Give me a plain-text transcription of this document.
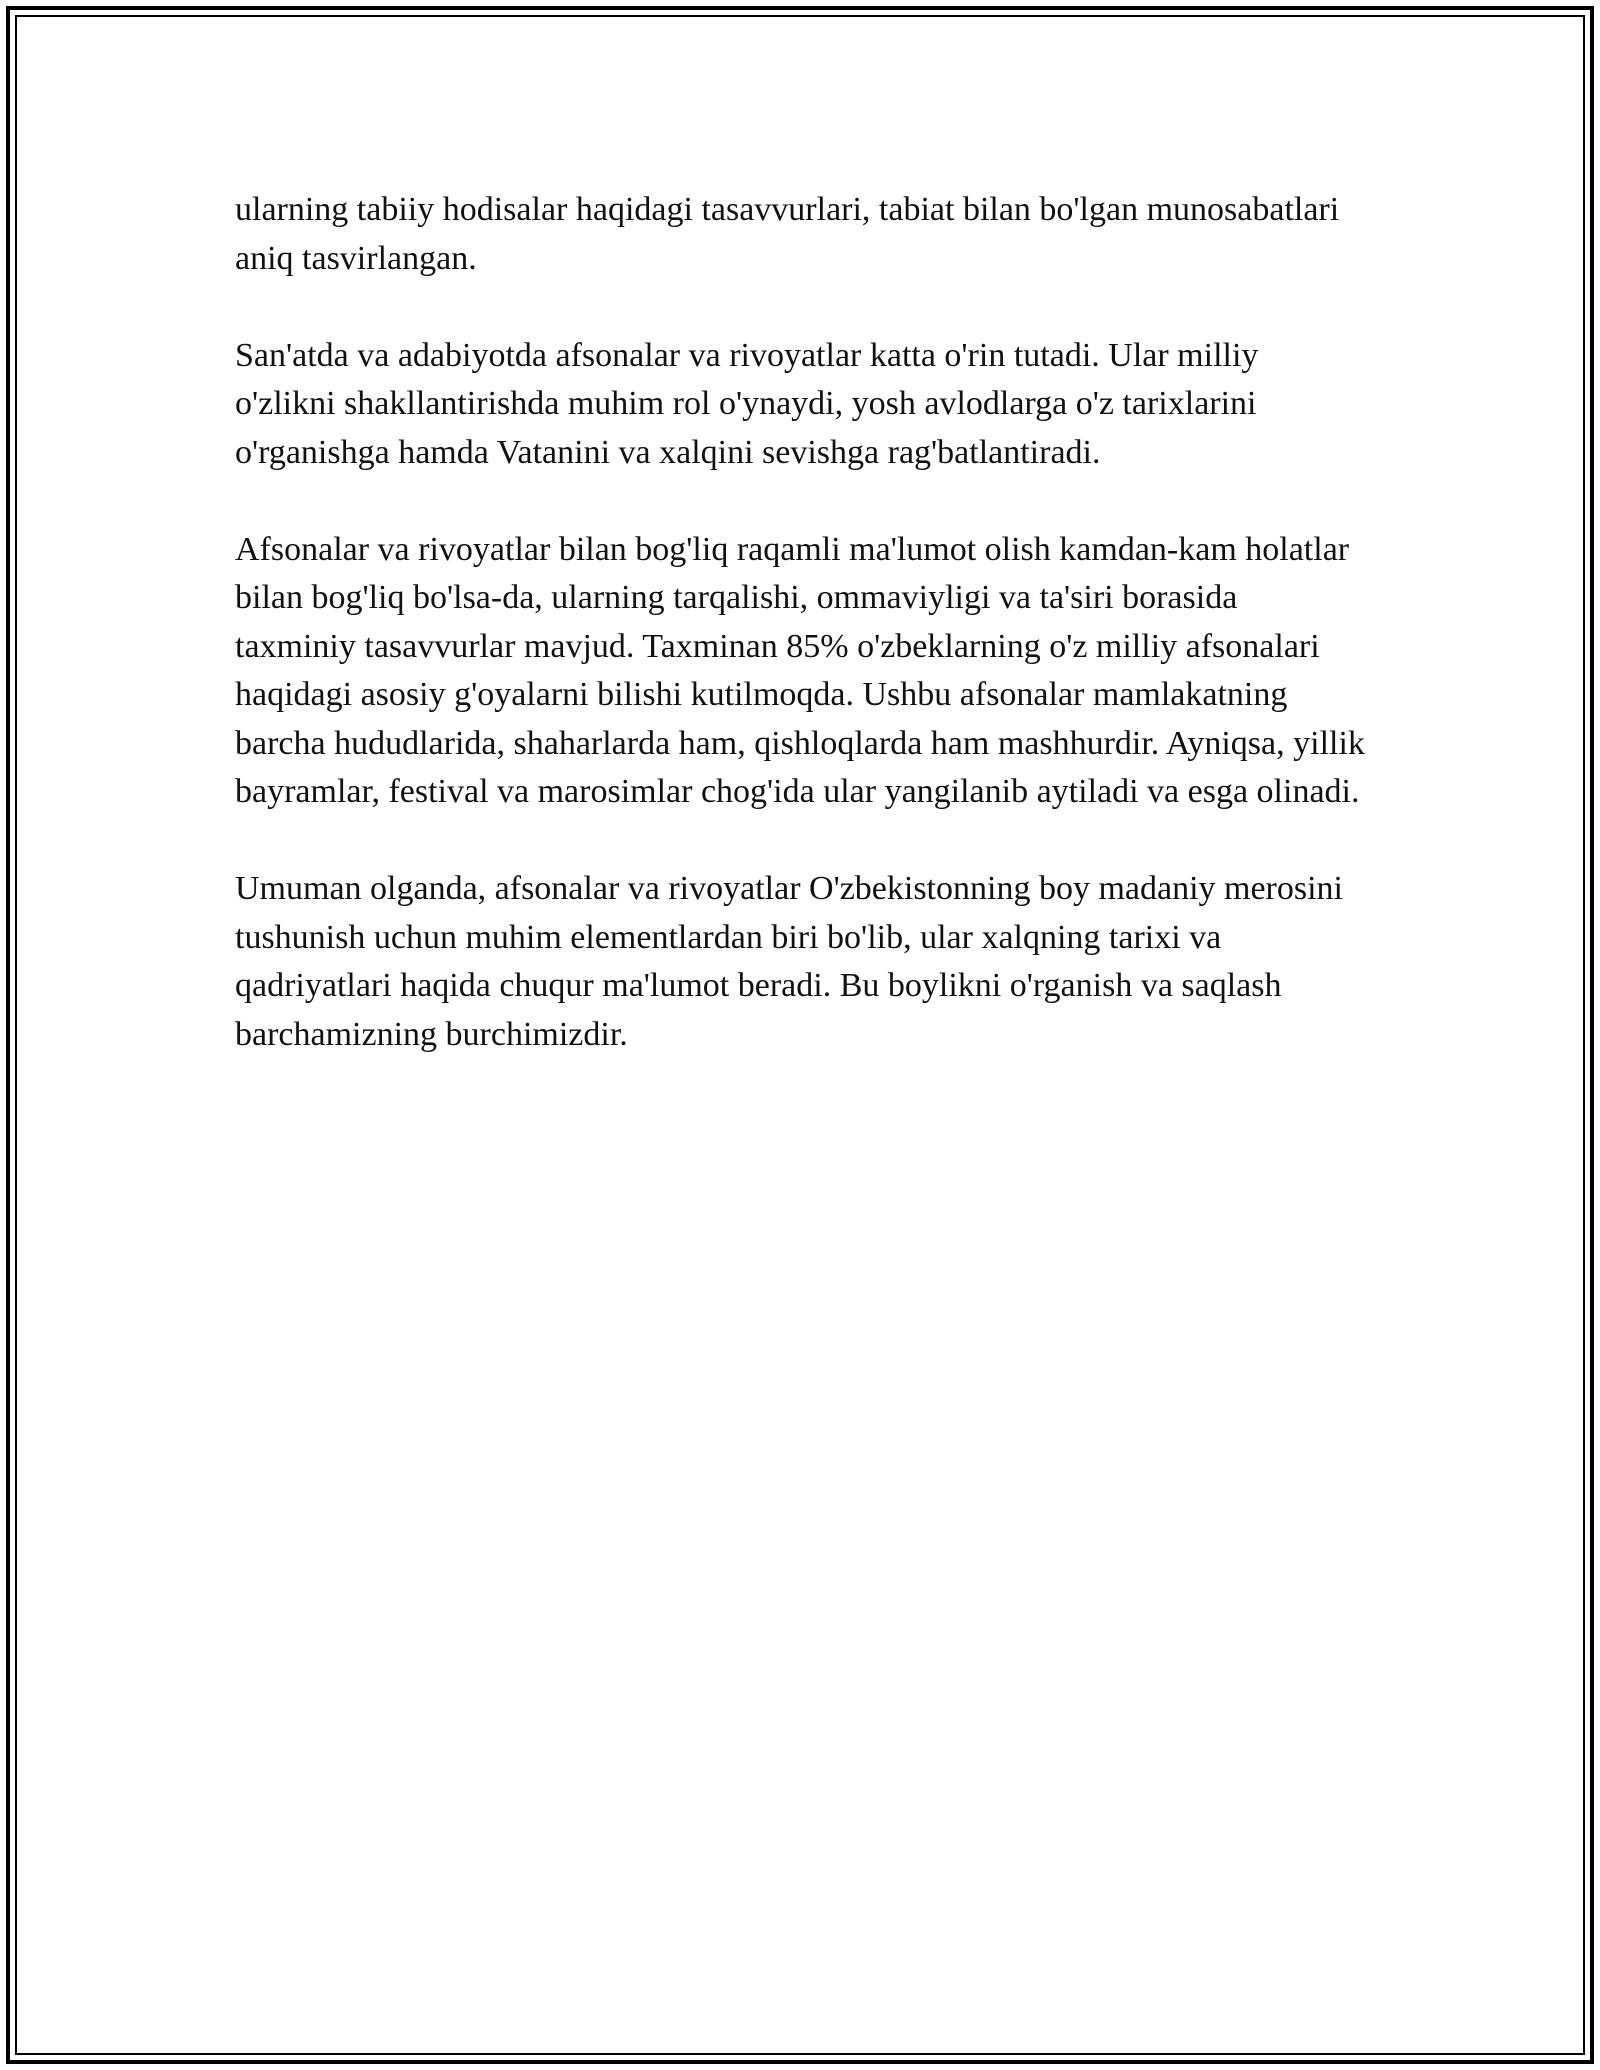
ularning tabiiy hodisalar haqidagi tasavvurlari, tabiat bilan bo'lgan munosabatlari aniq tasvirlangan.

San'atda va adabiyotda afsonalar va rivoyatlar katta o'rin tutadi. Ular milliy o'zlikni shakllantirishda muhim rol o'ynaydi, yosh avlodlarga o'z tarixlarini o'rganishga hamda Vatanini va xalqini sevishga rag'batlantiradi.

Afsonalar va rivoyatlar bilan bog'liq raqamli ma'lumot olish kamdan-kam holatlar bilan bog'liq bo'lsa-da, ularning tarqalishi, ommaviyligi va ta'siri borasida taxminiy tasavvurlar mavjud. Taxminan 85% o'zbeklarning o'z milliy afsonalari haqidagi asosiy g'oyalarni bilishi kutilmoqda. Ushbu afsonalar mamlakatning barcha hududlarida, shaharlarda ham, qishloqlarda ham mashhurdir. Ayniqsa, yillik bayramlar, festival va marosimlar chog'ida ular yangilanib aytiladi va esga olinadi.

Umuman olganda, afsonalar va rivoyatlar O'zbekistonning boy madaniy merosini tushunish uchun muhim elementlardan biri bo'lib, ular xalqning tarixi va qadriyatlari haqida chuqur ma'lumot beradi. Bu boylikni o'rganish va saqlash barchamizning burchimizdir.
